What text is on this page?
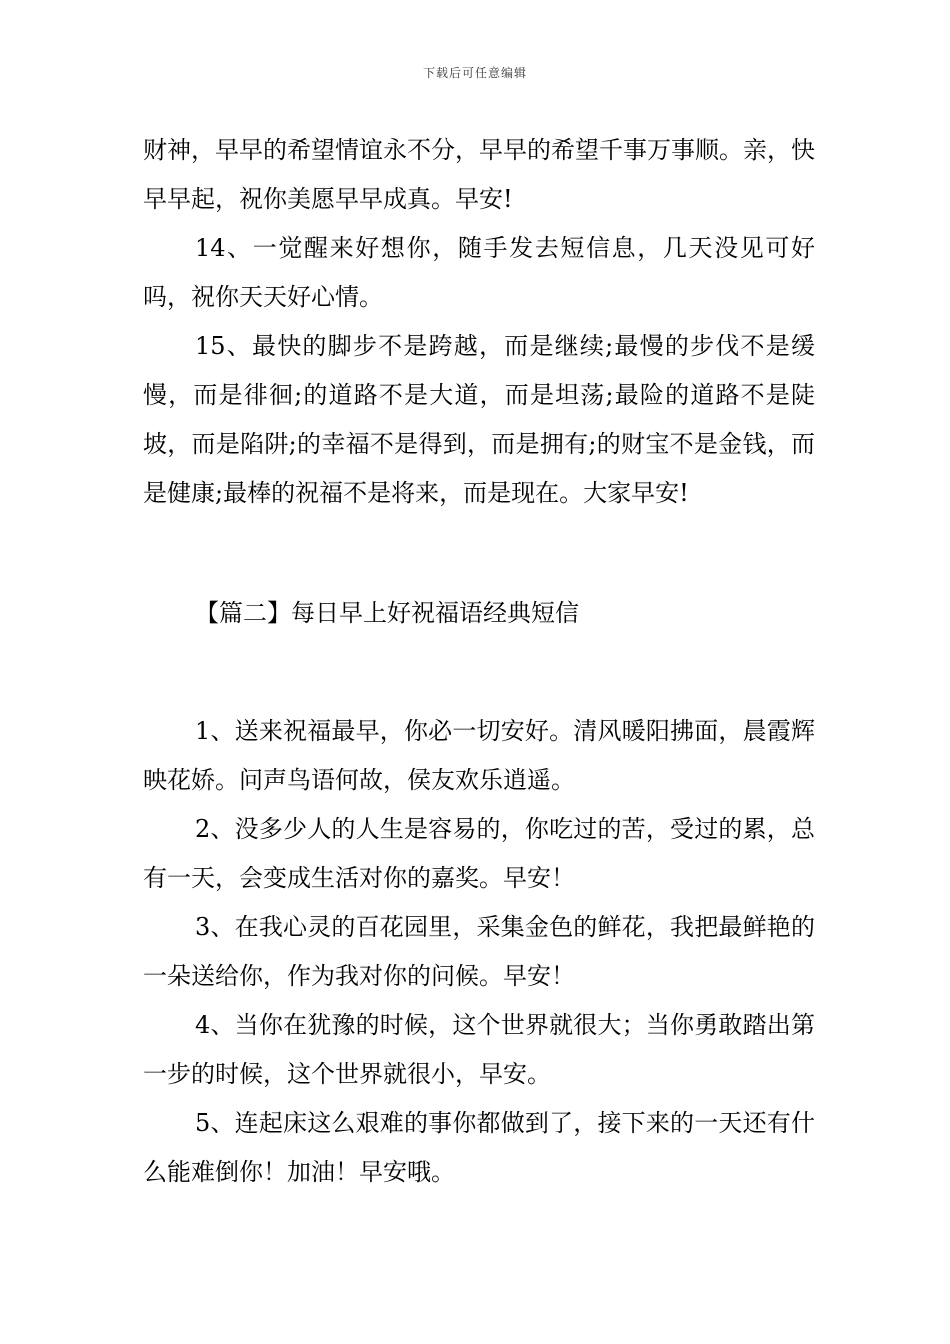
下载后可任意编辑

财神，早早的希望情谊永不分，早早的希望千事万事顺。亲，快早早起，祝你美愿早早成真。早安!

14、一觉醒来好想你，随手发去短信息，几天没见可好吗，祝你天天好心情。

15、最快的脚步不是跨越，而是继续;最慢的步伐不是缓慢，而是徘徊;的道路不是大道，而是坦荡;最险的道路不是陡坡，而是陷阱;的幸福不是得到，而是拥有;的财宝不是金钱，而是健康;最棒的祝福不是将来，而是现在。大家早安!

【篇二】每日早上好祝福语经典短信

1、送来祝福最早，你必一切安好。清风暖阳拂面，晨霞辉映花娇。问声鸟语何故，侯友欢乐逍遥。

2、没多少人的人生是容易的，你吃过的苦，受过的累，总有一天，会变成生活对你的嘉奖。早安！

3、在我心灵的百花园里，采集金色的鲜花，我把最鲜艳的一朵送给你，作为我对你的问候。早安！

4、当你在犹豫的时候，这个世界就很大；当你勇敢踏出第一步的时候，这个世界就很小，早安。

5、连起床这么艰难的事你都做到了，接下来的一天还有什么能难倒你！加油！早安哦。
